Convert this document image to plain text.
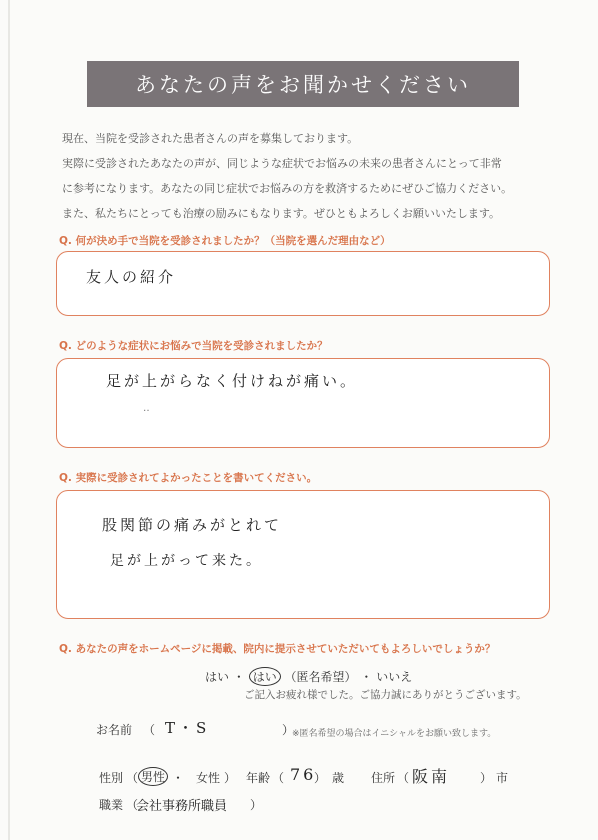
あなたの声をお聞かせください
現在、当院を受診された患者さんの声を募集しております。
実際に受診されたあなたの声が、同じような症状でお悩みの未来の患者さんにとって非常
に参考になります。あなたの同じ症状でお悩みの方を救済するためにぜひご協力ください。
また、私たちにとっても治療の励みにもなります。ぜひともよろしくお願いいたします。
Q. 何が決め手で当院を受診されましたか？（当院を選んだ理由など）
友人の紹介
Q. どのような症状にお悩みで当院を受診されましたか？
足が上がらなく付けねが痛い。
‥
Q. 実際に受診されてよかったことを書いてください。
股関節の痛みがとれて
足が上がって来た。
Q. あなたの声をホームページに掲載、院内に提示させていただいてもよろしいでしょうか？
はい ・ はい （匿名希望） ・ いいえ
ご記入お疲れ様でした。ご協力誠にありがとうございます。
お名前 （ T・S	）
※匿名希望の場合はイニシャルをお願い致します。
性別 （ 男性 ・ 女性 ） 年齢 （ 76
） 歳 住所 （ 阪南 ） 市
職業 （
会社事務所職員 ）
